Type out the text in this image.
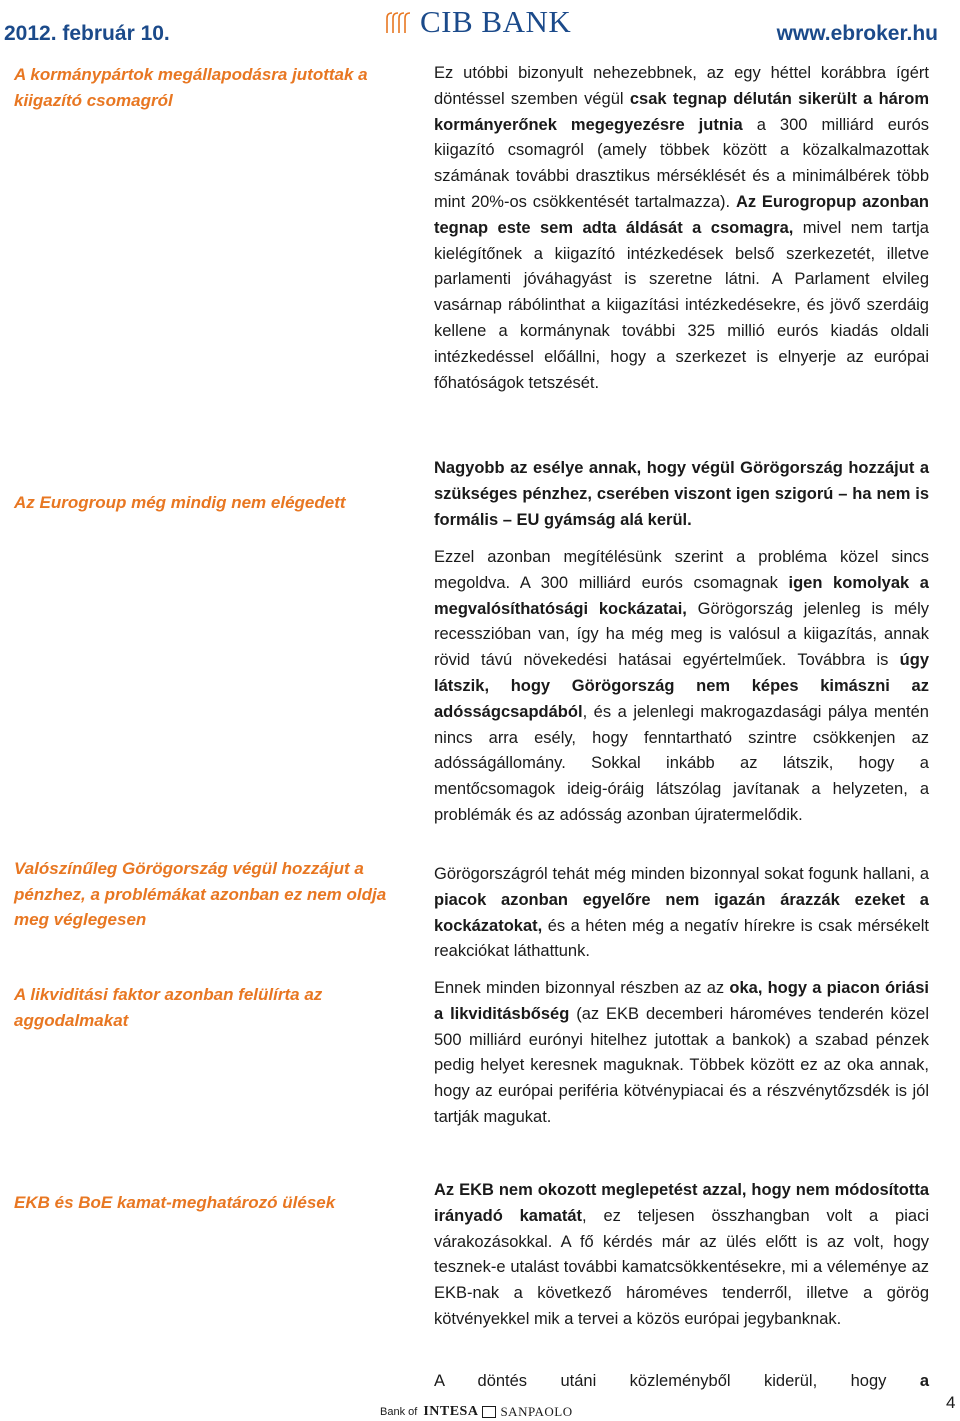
2012. február 10.	CIB BANK	www.ebroker.hu
A kormánypártok megállapodásra jutottak a kiigazító csomagról
Az Eurogroup még mindig nem elégedett
Valószínűleg Görögország végül hozzájut a pénzhez, a problémákat azonban ez nem oldja meg véglegesen
A likviditási faktor azonban felülírta az aggodalmakat
EKB és BoE kamat-meghatározó ülések
Ez utóbbi bizonyult nehezebbnek, az egy héttel korábbra ígért döntéssel szemben végül csak tegnap délután sikerült a három kormányerőnek megegyezésre jutnia a 300 milliárd eurós kiigazító csomagról (amely többek között a közalkalmazottak számának további drasztikus mérséklését és a minimálbérek több mint 20%-os csökkentését tartalmazza). Az Eurogropup azonban tegnap este sem adta áldását a csomagra, mivel nem tartja kielégítőnek a kiigazító intézkedések belső szerkezetét, illetve parlamenti jóváhagyást is szeretne látni. A Parlament elvileg vasárnap rábólinthat a kiigazítási intézkedésekre, és jövő szerdáig kellene a kormánynak további 325 millió eurós kiadás oldali intézkedéssel előállni, hogy a szerkezet is elnyerje az európai főhatóságok tetszését.
Nagyobb az esélye annak, hogy végül Görögország hozzájut a szükséges pénzhez, cserében viszont igen szigorú – ha nem is formális – EU gyámság alá kerül.
Ezzel azonban megítélésünk szerint a probléma közel sincs megoldva. A 300 milliárd eurós csomagnak igen komolyak a megvalósíthatósági kockázatai, Görögország jelenleg is mély recesszióban van, így ha még meg is valósul a kiigazítás, annak rövid távú növekedési hatásai egyértelműek. Továbbra is úgy látszik, hogy Görögország nem képes kimászni az adósságcsapdából, és a jelenlegi makrogazdasági pálya mentén nincs arra esély, hogy fenntartható szintre csökkenjen az adósságállomány. Sokkal inkább az látszik, hogy a mentőcsomagok ideig-óráig látszólag javítanak a helyzeten, a problémák és az adósság azonban újratermelődik.
Görögországról tehát még minden bizonnyal sokat fogunk hallani, a piacok azonban egyelőre nem igazán árazzák ezeket a kockázatokat, és a héten még a negatív hírekre is csak mérsékelt reakciókat láthattunk.
Ennek minden bizonnyal részben az az oka, hogy a piacon óriási a likviditásbőség (az EKB decemberi hároméves tenderén közel 500 milliárd eurónyi hitelhez jutottak a bankok) a szabad pénzek pedig helyet keresnek maguknak. Többek között ez az oka annak, hogy az európai periféria kötvénypiacai és a részvénytőzsdék is jól tartják magukat.
Az EKB nem okozott meglepetést azzal, hogy nem módosította irányadó kamatát, ez teljesen összhangban volt a piaci várakozásokkal. A fő kérdés már az ülés előtt is az volt, hogy tesznek-e utalást további kamatcsökkentésekre, mi a véleménye az EKB-nak a következő hároméves tenderről, illetve a görög kötvényekkel mik a tervei a közös európai jegybanknak.
A döntés utáni közleményből kiderül, hogy a
Bank of INTESA SANPAOLO	4
